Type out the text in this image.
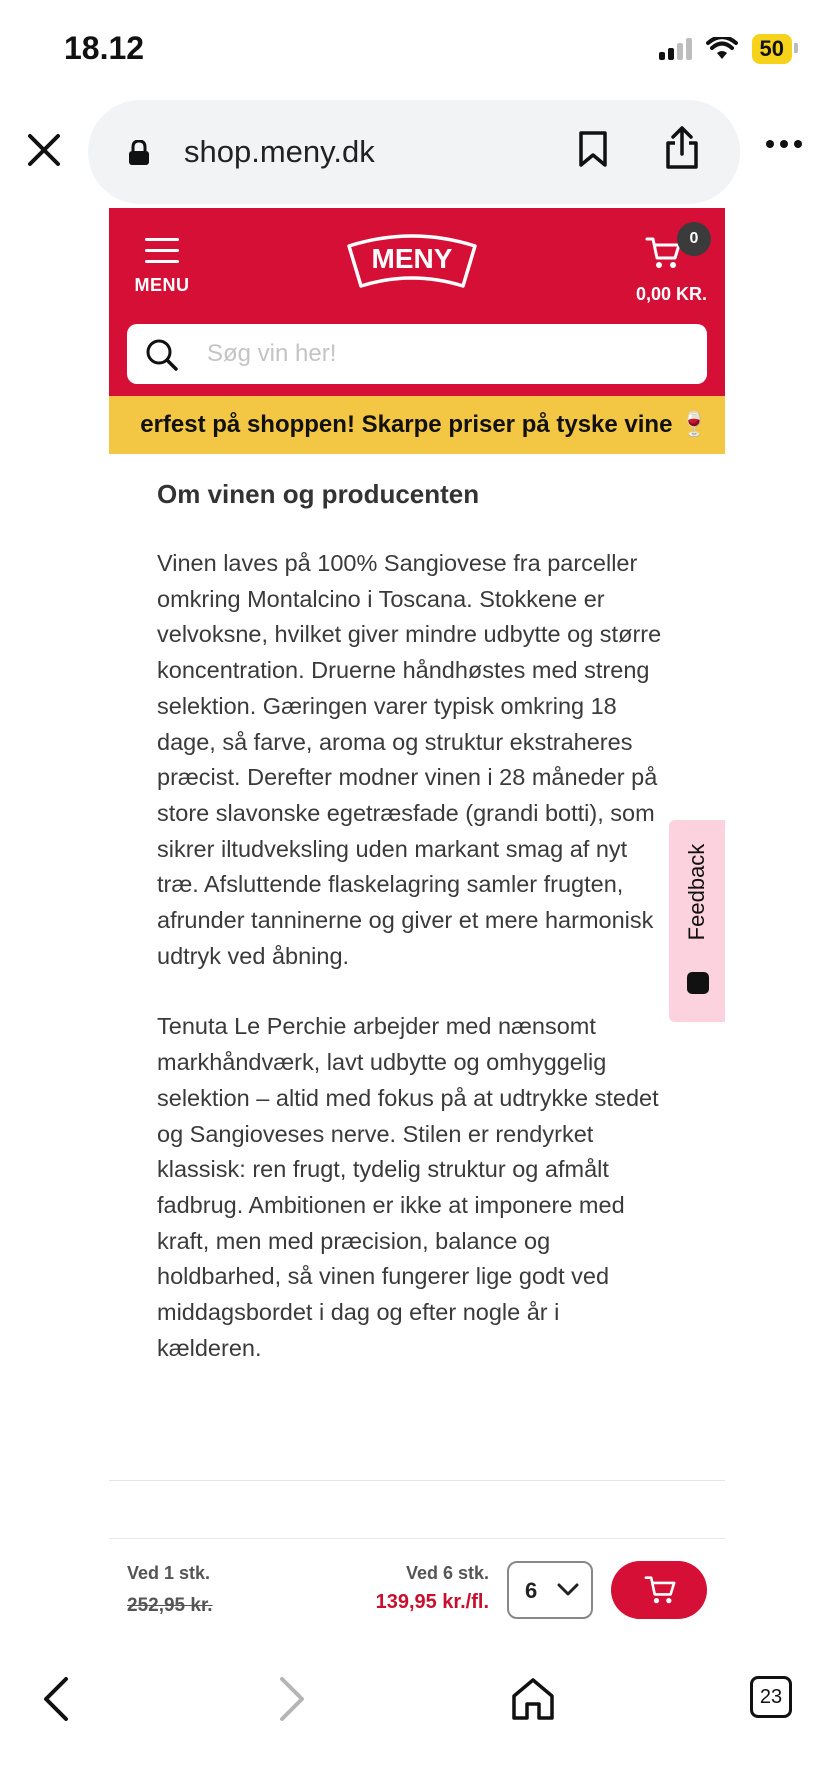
18.12	50
shop.meny.dk
MENU
MENY
0
0,00 KR.
Søg vin her!
erfest på shoppen! Skarpe priser på tyske vine 🍷
Om vinen og producenten

Vinen laves på 100% Sangiovese fra parceller omkring Montalcino i Toscana. Stokkene er velvoksne, hvilket giver mindre udbytte og større koncentration. Druerne håndhøstes med streng selektion. Gæringen varer typisk omkring 18 dage, så farve, aroma og struktur ekstraheres præcist. Derefter modner vinen i 28 måneder på store slavonske egetræsfade (grandi botti), som sikrer iltudveksling uden markant smag af nyt træ. Afsluttende flaskelagring samler frugten, afrunder tanninerne og giver et mere harmonisk udtryk ved åbning.

Tenuta Le Perchie arbejder med nænsomt markhåndværk, lavt udbytte og omhyggelig selektion – altid med fokus på at udtrykke stedet og Sangioveses nerve. Stilen er rendyrket klassisk: ren frugt, tydelig struktur og afmålt fadbrug. Ambitionen er ikke at imponere med kraft, men med præcision, balance og holdbarhed, så vinen fungerer lige godt ved middagsbordet i dag og efter nogle år i kælderen.

Feedback
Ved 1 stk.
252,95 kr.
Ved 6 stk.
139,95 kr./fl. 6
23
